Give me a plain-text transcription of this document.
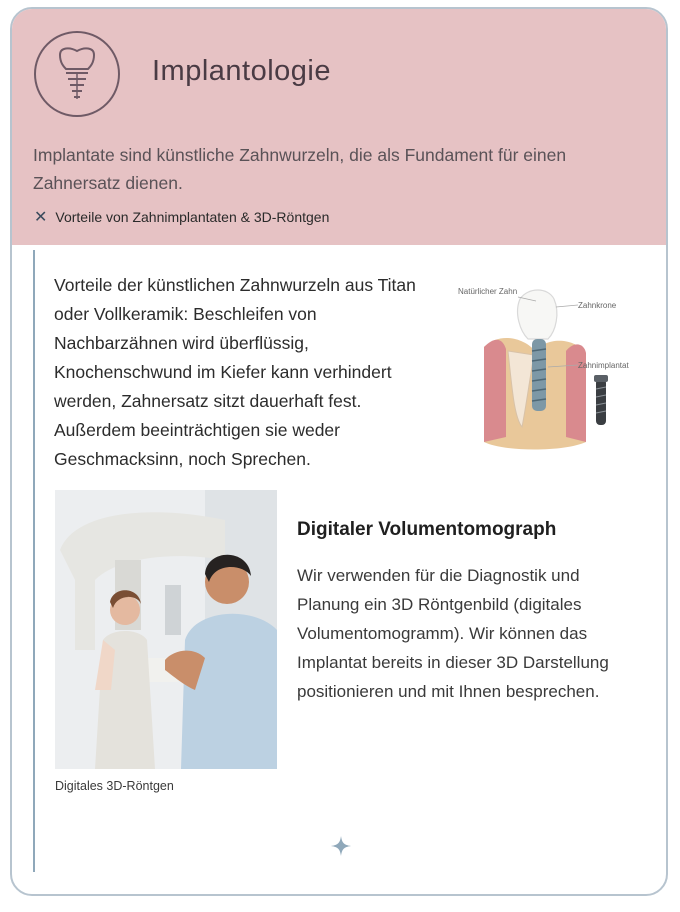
Implantologie
Implantate sind künstliche Zahnwurzeln, die als Fundament für einen Zahnersatz dienen.
✕ Vorteile von Zahnimplantaten & 3D-Röntgen
Vorteile der künstlichen Zahnwurzeln aus Titan oder Vollkeramik: Beschleifen von Nachbarzähnen wird überflüssig, Knochenschwund im Kiefer kann verhindert werden, Zahnersatz sitzt dauerhaft fest. Außerdem beeinträchtigen sie weder Geschmacksinn, noch Sprechen.
Natürlicher Zahn
Zahnkrone
Zahnimplantat
Digitales 3D-Röntgen
Digitaler Volumentomograph
Wir verwenden für die Diagnostik und Planung ein 3D Röntgenbild (digitales Volumentomogramm). Wir können das Implantat bereits in dieser 3D Darstellung positionieren und mit Ihnen besprechen.
